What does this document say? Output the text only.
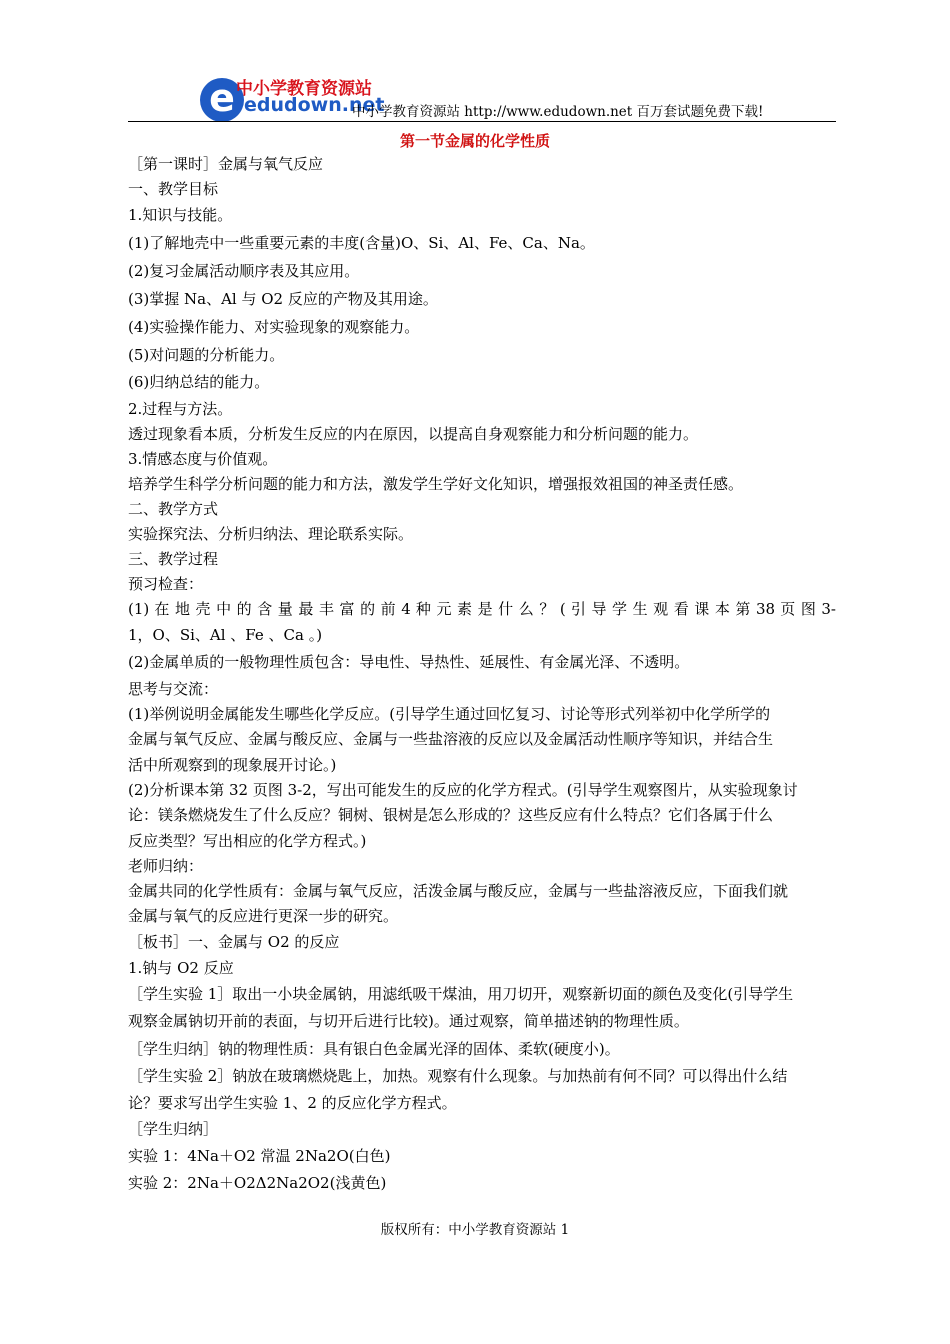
e 中小学教育资源站
edudown.net
中小学教育资源站 http://www.edudown.net 百万套试题免费下载!
第一节金属的化学性质
［第一课时］金属与氧气反应
一、教学目标
1.知识与技能。
(1)了解地壳中一些重要元素的丰度(含量)O、Si、Al、Fe、Ca、Na。
(2)复习金属活动顺序表及其应用。
(3)掌握 Na、Al 与 O2 反应的产物及其用途。
(4)实验操作能力、对实验现象的观察能力。
(5)对问题的分析能力。
(6)归纳总结的能力。
2.过程与方法。
透过现象看本质，分析发生反应的内在原因，以提高自身观察能力和分析问题的能力。
3.情感态度与价值观。
培养学生科学分析问题的能力和方法，激发学生学好文化知识，增强报效祖国的神圣责任感。
二、教学方式
实验探究法、分析归纳法、理论联系实际。
三、教学过程
预习检查：
(1) 在 地 壳 中 的 含 量 最 丰 富 的 前 4 种 元 素 是 什 么 ？ ( 引 导 学 生 观 看 课 本 第 38 页 图 3-
1，O、Si、Al 、Fe 、Ca 。)
(2)金属单质的一般物理性质包含：导电性、导热性、延展性、有金属光泽、不透明。
思考与交流：
(1)举例说明金属能发生哪些化学反应。(引导学生通过回忆复习、讨论等形式列举初中化学所学的
金属与氧气反应、金属与酸反应、金属与一些盐溶液的反应以及金属活动性顺序等知识，并结合生
活中所观察到的现象展开讨论。)
(2)分析课本第 32 页图 3-2，写出可能发生的反应的化学方程式。(引导学生观察图片，从实验现象讨
论：镁条燃烧发生了什么反应？铜树、银树是怎么形成的？这些反应有什么特点？它们各属于什么
反应类型？写出相应的化学方程式。)
老师归纳：
金属共同的化学性质有：金属与氧气反应，活泼金属与酸反应，金属与一些盐溶液反应，下面我们就
金属与氧气的反应进行更深一步的研究。
［板书］一、金属与 O2 的反应
1.钠与 O2 反应
［学生实验 1］取出一小块金属钠，用滤纸吸干煤油，用刀切开，观察新切面的颜色及变化(引导学生
观察金属钠切开前的表面，与切开后进行比较)。通过观察，简单描述钠的物理性质。
［学生归纳］钠的物理性质：具有银白色金属光泽的固体、柔软(硬度小)。
［学生实验 2］钠放在玻璃燃烧匙上，加热。观察有什么现象。与加热前有何不同？可以得出什么结
论？要求写出学生实验 1、2 的反应化学方程式。
［学生归纳］
实验 1：4Na＋O2 常温 2Na2O(白色)
实验 2：2Na＋O2Δ2Na2O2(浅黄色)
版权所有：中小学教育资源站 1
